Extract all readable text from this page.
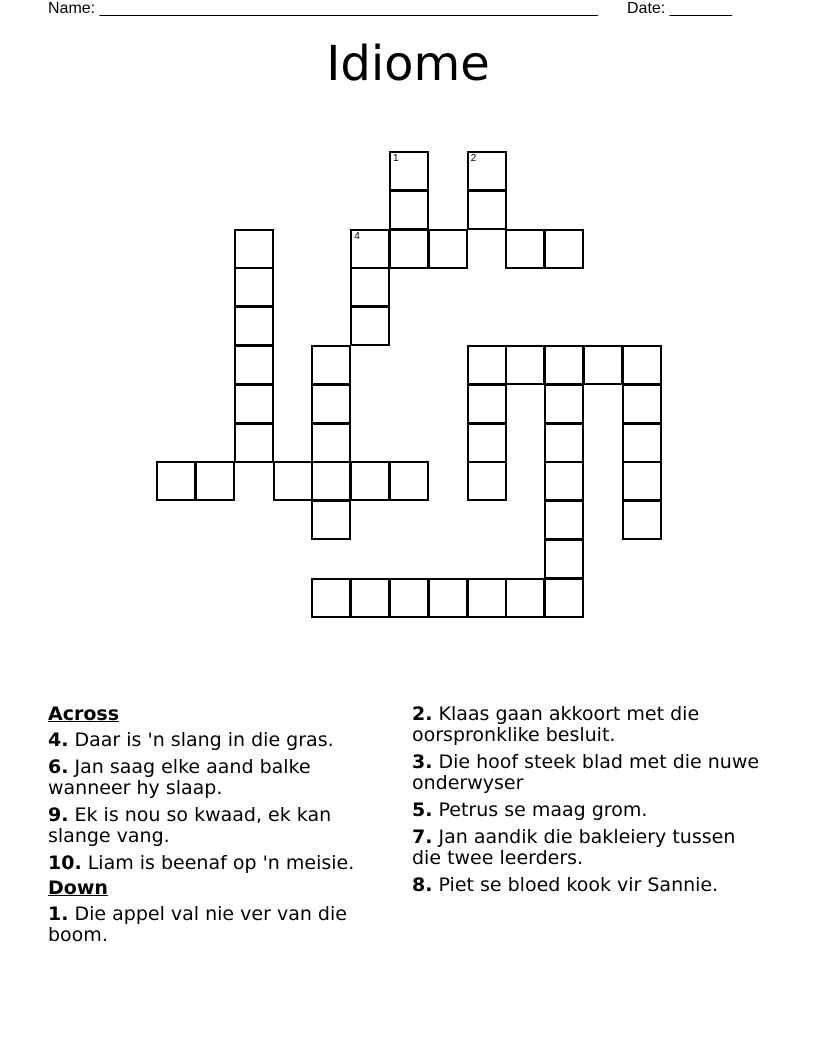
Name: ________________________________________________________ Date: _______
Idiome
1	2
4
Across
4. Daar is 'n slang in die gras.
6. Jan saag elke aand balke wanneer hy slaap.
9. Ek is nou so kwaad, ek kan slange vang.
10. Liam is beenaf op 'n meisie.
Down
1. Die appel val nie ver van die boom.
2. Klaas gaan akkoort met die oorspronklike besluit.
3. Die hoof steek blad met die nuwe onderwyser
5. Petrus se maag grom.
7. Jan aandik die bakleiery tussen die twee leerders.
8. Piet se bloed kook vir Sannie.
